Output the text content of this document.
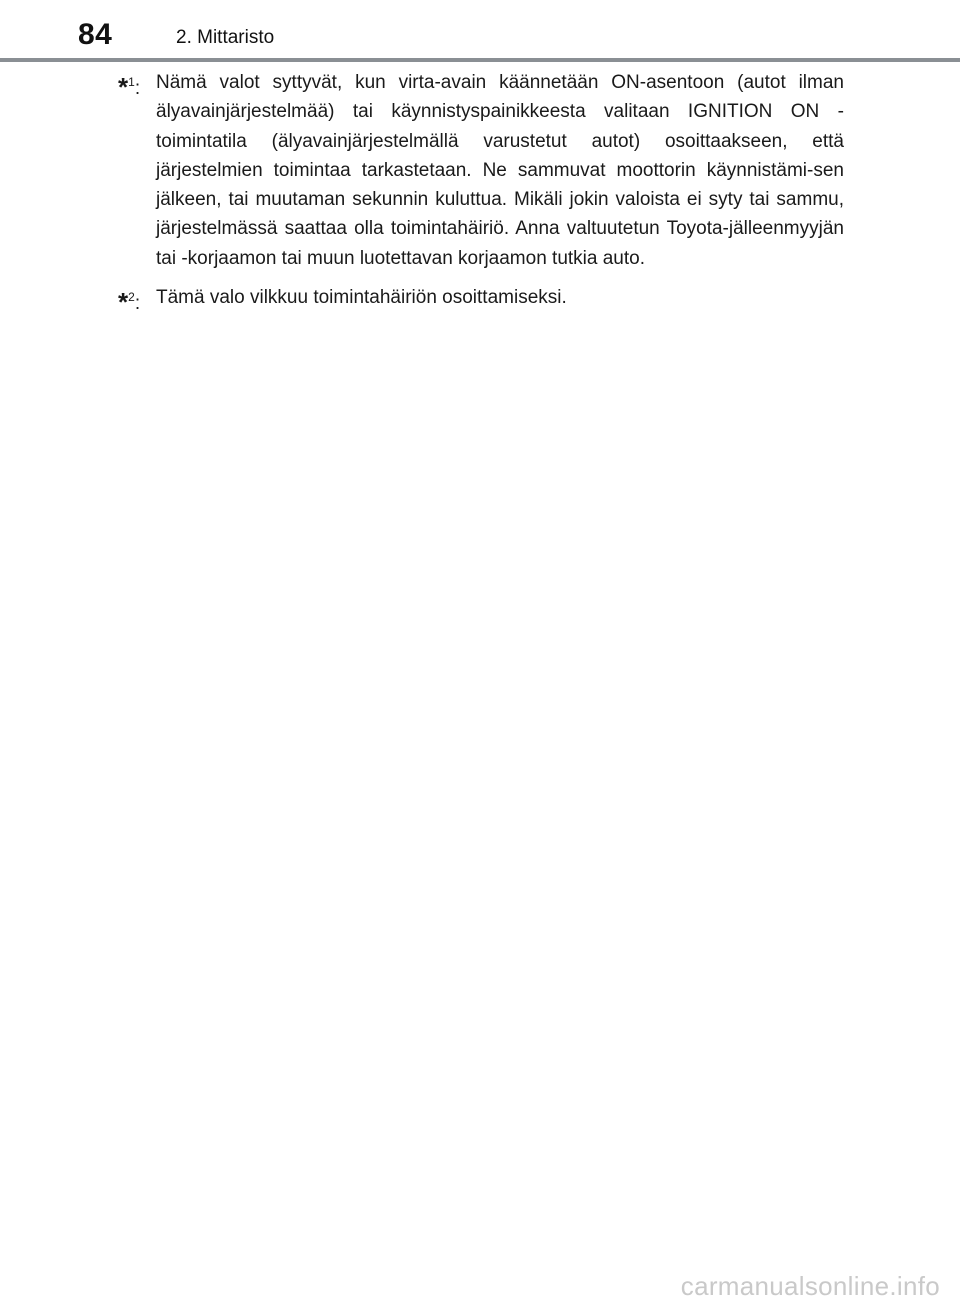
84	2. Mittaristo
*$^1$: Nämä valot syttyvät, kun virta-avain käännetään ON-asentoon (autot ilman älyavainjärjestelmää) tai käynnistyspainikkeesta valitaan IGNITION ON -toimintatila (älyavainjärjestelmällä varustetut autot) osoittaakseen, että järjestelmien toimintaa tarkastetaan. Ne sammuvat moottorin käynnistämi-sen jälkeen, tai muutaman sekunnin kuluttua. Mikäli jokin valoista ei syty tai sammu, järjestelmässä saattaa olla toimintahäiriö. Anna valtuutetun Toyota-jälleenmyyjän tai -korjaamon tai muun luotettavan korjaamon tutkia auto.
*$^2$: Tämä valo vilkkuu toimintahäiriön osoittamiseksi.
carmanualsonline.info
